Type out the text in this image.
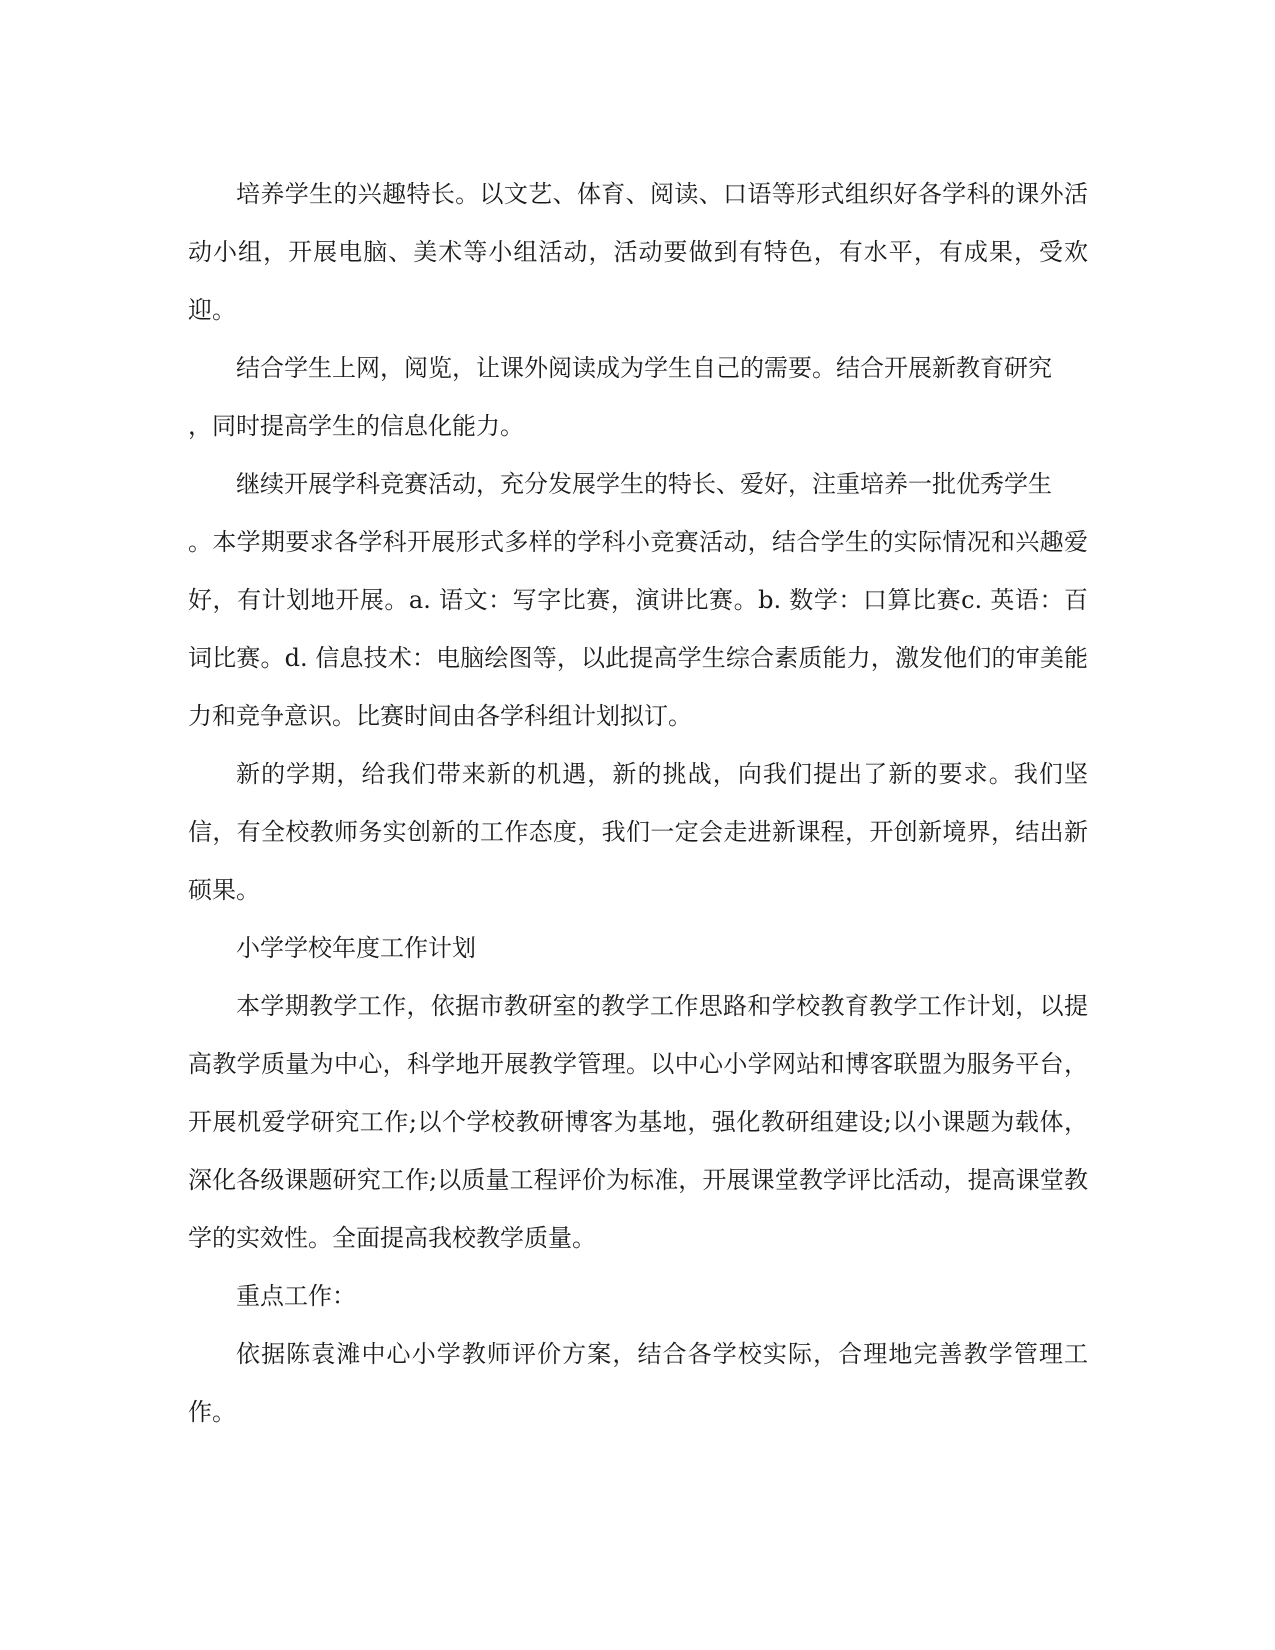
培养学生的兴趣特长。以文艺、体育、阅读、口语等形式组织好各学科的课外活动小组，开展电脑、美术等小组活动，活动要做到有特色，有水平，有成果，受欢迎。

结合学生上网，阅览，让课外阅读成为学生自己的需要。结合开展新教育研究

，同时提高学生的信息化能力。

继续开展学科竞赛活动，充分发展学生的特长、爱好，注重培养一批优秀学生

。本学期要求各学科开展形式多样的学科小竞赛活动，结合学生的实际情况和兴趣爱好，有计划地开展。a. 语文：写字比赛，演讲比赛。b. 数学：口算比赛c. 英语：百词比赛。d. 信息技术：电脑绘图等，以此提高学生综合素质能力，激发他们的审美能力和竞争意识。比赛时间由各学科组计划拟订。

新的学期，给我们带来新的机遇，新的挑战，向我们提出了新的要求。我们坚信，有全校教师务实创新的工作态度，我们一定会走进新课程，开创新境界，结出新硕果。

小学学校年度工作计划

本学期教学工作，依据市教研室的教学工作思路和学校教育教学工作计划，以提高教学质量为中心，科学地开展教学管理。以中心小学网站和博客联盟为服务平台，开展机爱学研究工作;以个学校教研博客为基地，强化教研组建设;以小课题为载体，深化各级课题研究工作;以质量工程评价为标准，开展课堂教学评比活动，提高课堂教学的实效性。全面提高我校教学质量。

重点工作：

依据陈袁滩中心小学教师评价方案，结合各学校实际，合理地完善教学管理工作。
